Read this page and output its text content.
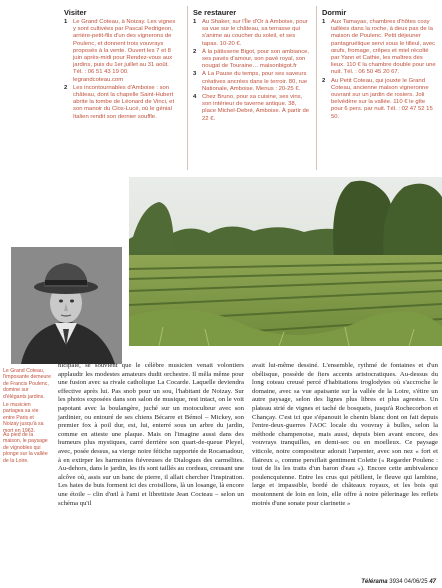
Visiter
1 Le Grand Coteau, à Noizay. Les vignes y sont cultivées par Pascal Pedrigeon, arrière-petit-fils d'un des vignerons de Poulenc, et donnent trois vouvrays proposés à la vente. Ouvert les 7 et 8 juin après-midi pour Rendez-vous aux jardins, puis du 1er juillet au 31 août. Tél. : 06 51 43 19 00. legrandcoteau.com
2 Les incontournables d'Amboise : son château, dont la chapelle Saint-Hubert abrite la tombe de Léonard de Vinci, et son manoir du Clos-Lucé, où le génial Italien rendit son dernier souffle.
Se restaurer
1 Au Shaker, sur l'Île d'Or à Amboise, pour sa vue sur le château, sa terrasse qui s'anime au coucher du soleil, et ses tapas. 10-20 €.
2 À la pâtisserie Bigot, pour son ambiance, ses pavés d'amour, son pavé royal, son nougat de Touraine… maisonbigot.fr
3 À La Pause du temps, pour ses saveurs créatives ancrées dans le terroir. 80, rue Nationale, Amboise. Menus : 20-25 €.
4 Chez Bruno, pour sa cuisine, ses vins, son intérieur de taverne antique. 38, place Michel-Debré, Amboise. À partir de 22 €.
Dormir
1 Aux Tamayas, chambres d'hôtes cosy taillées dans la roche, à deux pas de la maison de Poulenc. Petit déjeuner pantagruélique servi sous le tilleul, avec œufs, fromage, crêpes et miel récolté par Yann et Cathie, les maîtres des lieux. 110 € la chambre double pour une nuit. Tél. : 06 50 45 20 67.
2 Au Petit Coteau, qui jouxte le Grand Coteau, ancienne maison vigneronne ouvrant sur un jardin de rosiers. Joli belvédère sur la vallée. 110 € le gîte pour 6 pers. par nuit. Tél. : 02 47 52 15 50.
Le Grand Coteau, l'imposante demeure de Francis Poulenc, domine sur d'élégants jardins.
Le musicien partagea sa vie entre Paris et Noizay jusqu'à sa mort en 1963.
Au pied de la maison, le paysage de vignobles qui plonge sur la vallée de la Loire.

nicipale, se souvient que le célèbre musicien venait volontiers applaudir les modestes amateurs dudit orchestre. Il mêla même pour une fusion avec sa rivale catholique La Cocarde. Laquelle deviendra effective après lui. Pas snob pour un sou, l'habitant de Noizay. Sur les photos exposées dans son salon de musique, rest intact, on le voit papotant avec la boulangère, juché sur un motoculteur avec son jardinier, ou entouré de ses chiens Bécarre et Bémol – Mickey, son premier fox à poil dur, est, lui, enterré sous un arbre du jardin, comme en atteste une plaque. Mais on l'imagine aussi dans des humeurs plus mystiques, carré derrière son quart-de-queue Pleyel, avec, posée dessus, sa vierge noire fétiche rapportée de Rocamadour, à en extirper les harmonies fiévreuses de Dialogues des carmélites. Au-dehors, dans le jardin, les ifs sont taillés au cordeau, creusant une alcôve où, assis sur un banc de pierre, il allait chercher l'inspiration. Les haies de buis forment ici des croisillons, là un losange, là encore une étoile – clin d'œil à l'ami et librettiste Jean Cocteau – selon un schéma qu'il

avait lui-même dessiné. L'ensemble, rythmé de fontaines et d'un obélisque, possède de fiers accents aristocratiques. Au-dessus du long coteau creusé percé d'habitations troglodytes où s'accroche le domaine, avec sa vue apaisante sur la vallée de la Loire, s'étire un autre paysage, selon des lignes plus libres et plus agrestes. Un plateau strié de vignes et taché de bosquets, jusqu'à Rochecorbon et Chançay. C'est ici que s'épanouit le chenin blanc dont on fait depuis l'entre-deux-guerres l'AOC locale du vouvray à bulles, selon la méthode champenoise, mais aussi, depuis bien avant encore, des vouvrays tranquilles, en demi-sec ou en moelleux. Ce paysage viticole, notre compositeur adorait l'arpenter, avec son nez « fort et flaireux », comme persiflait gentiment Colette (« Regarder Poulenc : tout de lis les traits d'un baron d'eau »). Encore cette ambivalence poulencquienne. Entre les crus qui pétillent, le fleuve qui lambine, large et impassible, bordé de châteaux royaux, et les bois qui moutonnent de loin en loin, elle offre à notre pèlerinage les reflets moirés d'une sonate pour clarinette »

Télérama 3934 04/06/25 47
